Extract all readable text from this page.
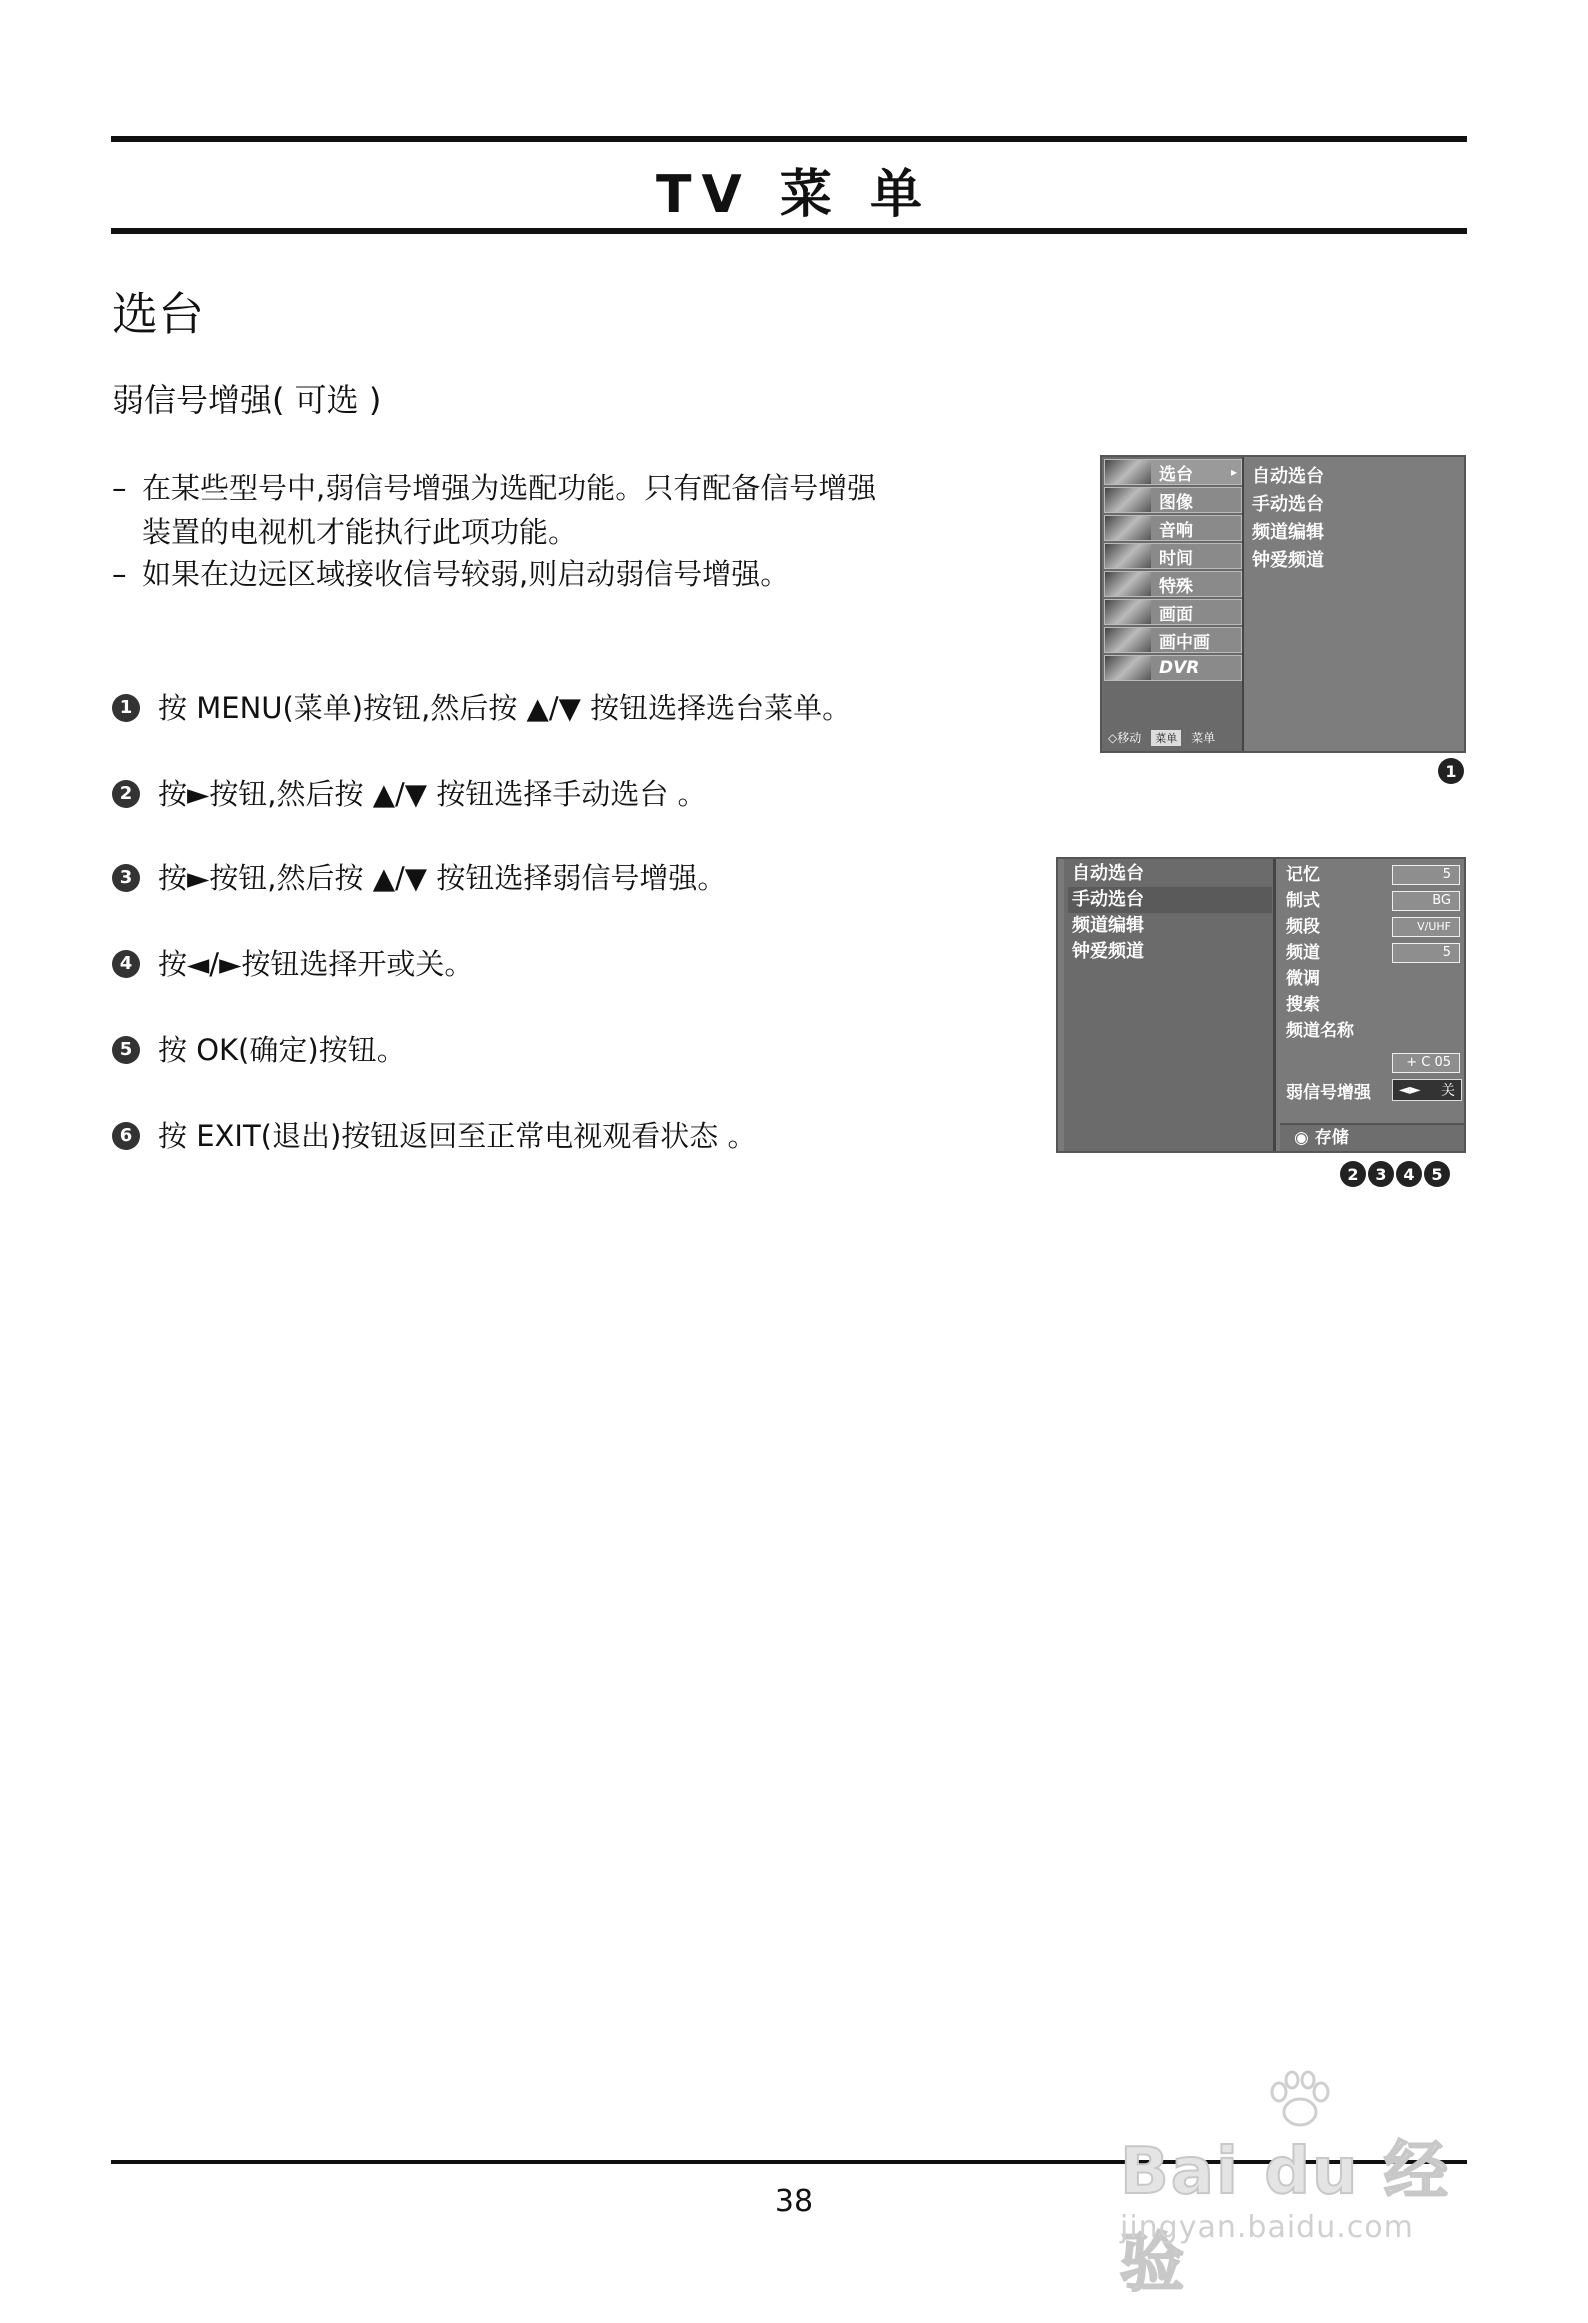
TV 菜 单
选台
弱信号增强( 可选 )
– 在某些型号中,弱信号增强为选配功能。只有配备信号增强
装置的电视机才能执行此项功能。
– 如果在边远区域接收信号较弱,则启动弱信号增强。
1 按 MENU(菜单)按钮,然后按 ▲/▼ 按钮选择选台菜单。
2 按►按钮,然后按 ▲/▼ 按钮选择手动选台 。
3 按►按钮,然后按 ▲/▼ 按钮选择弱信号增强。
4 按◄/►按钮选择开或关。
5 按 OK(确定)按钮。
6 按 EXIT(退出)按钮返回至正常电视观看状态 。
选台	▸
图像
音响
时间
特殊
画面
画中画
DVR
◇移动	菜单	菜单
自动选台
手动选台
频道编辑
钟爱频道
1
自动选台
手动选台
频道编辑
钟爱频道
记忆	5
制式	BG
频段	V/UHF
频道	5
微调
搜索
频道名称
+ C 05
弱信号增强 ◄► 关
◉ 存储
2	3	4	5
38	Bai du 经验
jingyan.baidu.com
